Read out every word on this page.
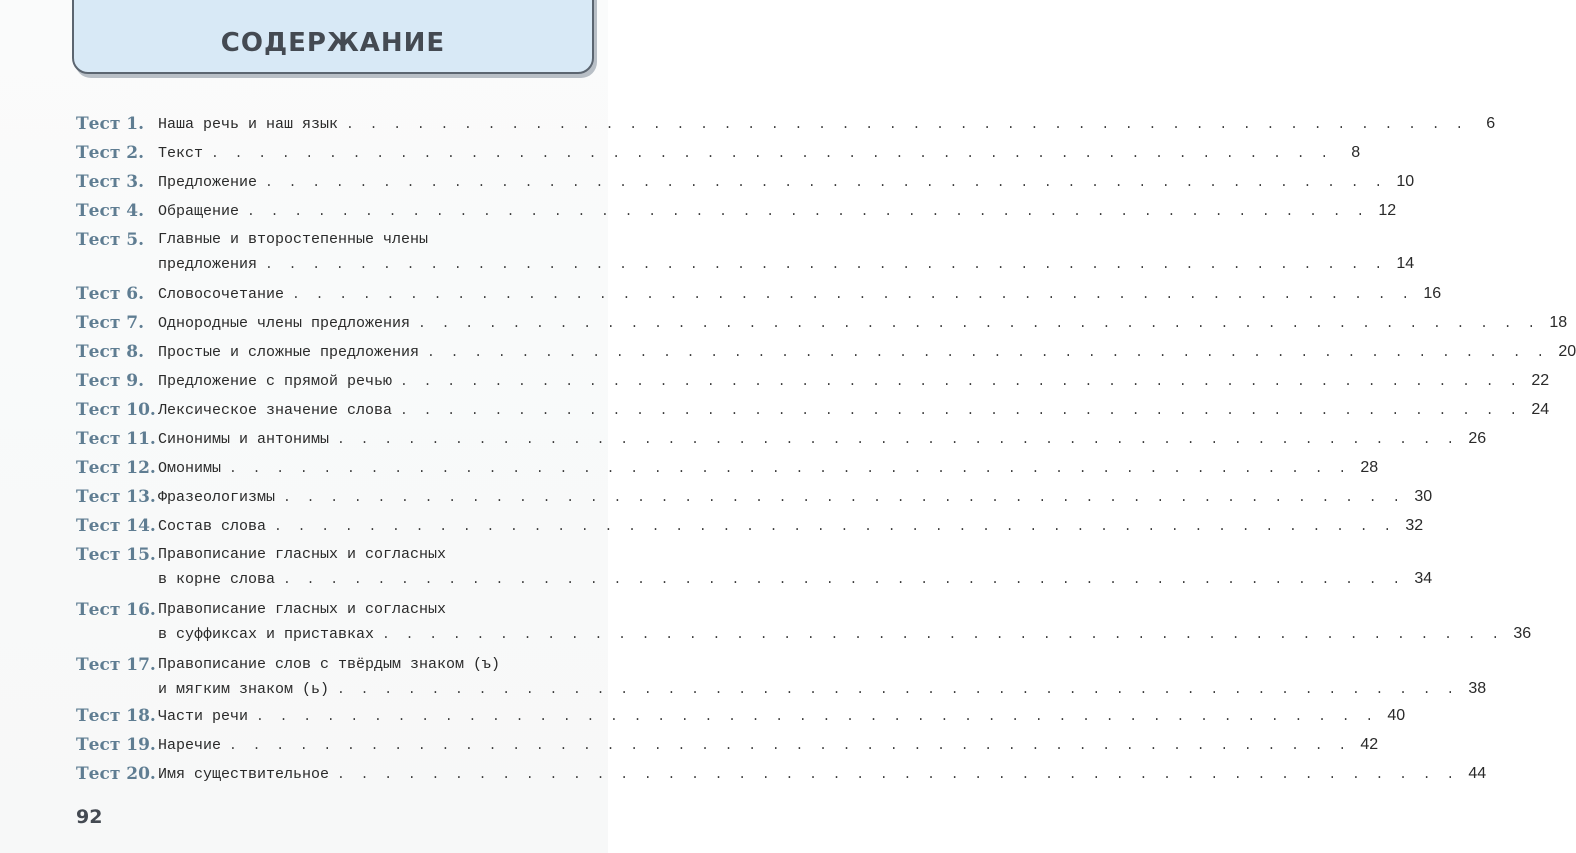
СОДЕРЖАНИЕ
Тест 1. Наша речь и наш язык . . . . . . . . . . . . . . . . . . . . . . . . . . . . . . . . . . . . . . . . . . . . . . . .	6
Тест 2. Текст . . . . . . . . . . . . . . . . . . . . . . . . . . . . . . . . . . . . . . . . . . . . . . . .	8
Тест 3. Предложение . . . . . . . . . . . . . . . . . . . . . . . . . . . . . . . . . . . . . . . . . . . . . . . . 10
Тест 4. Обращение . . . . . . . . . . . . . . . . . . . . . . . . . . . . . . . . . . . . . . . . . . . . . . . . 12
Тест 5. Главные и второстепенные члены
предложения . . . . . . . . . . . . . . . . . . . . . . . . . . . . . . . . . . . . . . . . . . . . . . . . 14
Тест 6. Словосочетание . . . . . . . . . . . . . . . . . . . . . . . . . . . . . . . . . . . . . . . . . . . . . . . . 16
Тест 7. Однородные члены предложения . . . . . . . . . . . . . . . . . . . . . . . . . . . . . . . . . . . . . . . . . . . . . . . . 18
Тест 8. Простые и сложные предложения . . . . . . . . . . . . . . . . . . . . . . . . . . . . . . . . . . . . . . . . . . . . . . . . 20
Тест 9. Предложение с прямой речью . . . . . . . . . . . . . . . . . . . . . . . . . . . . . . . . . . . . . . . . . . . . . . . . 22
Тест 10. Лексическое значение слова . . . . . . . . . . . . . . . . . . . . . . . . . . . . . . . . . . . . . . . . . . . . . . . . 24
Тест 11. Синонимы и антонимы . . . . . . . . . . . . . . . . . . . . . . . . . . . . . . . . . . . . . . . . . . . . . . . . 26
Тест 12. Омонимы . . . . . . . . . . . . . . . . . . . . . . . . . . . . . . . . . . . . . . . . . . . . . . . . 28
Тест 13. Фразеологизмы . . . . . . . . . . . . . . . . . . . . . . . . . . . . . . . . . . . . . . . . . . . . . . . . 30
Тест 14. Состав слова . . . . . . . . . . . . . . . . . . . . . . . . . . . . . . . . . . . . . . . . . . . . . . . . 32
Тест 15. Правописание гласных и согласных
в корне слова . . . . . . . . . . . . . . . . . . . . . . . . . . . . . . . . . . . . . . . . . . . . . . . . 34
Тест 16. Правописание гласных и согласных
в суффиксах и приставках . . . . . . . . . . . . . . . . . . . . . . . . . . . . . . . . . . . . . . . . . . . . . . . . 36
Тест 17. Правописание слов с твёрдым знаком (ъ)
и мягким знаком (ь) . . . . . . . . . . . . . . . . . . . . . . . . . . . . . . . . . . . . . . . . . . . . . . . . 38
Тест 18. Части речи . . . . . . . . . . . . . . . . . . . . . . . . . . . . . . . . . . . . . . . . . . . . . . . . 40
Тест 19. Наречие . . . . . . . . . . . . . . . . . . . . . . . . . . . . . . . . . . . . . . . . . . . . . . . . 42
Тест 20. Имя существительное . . . . . . . . . . . . . . . . . . . . . . . . . . . . . . . . . . . . . . . . . . . . . . . . 44
92
